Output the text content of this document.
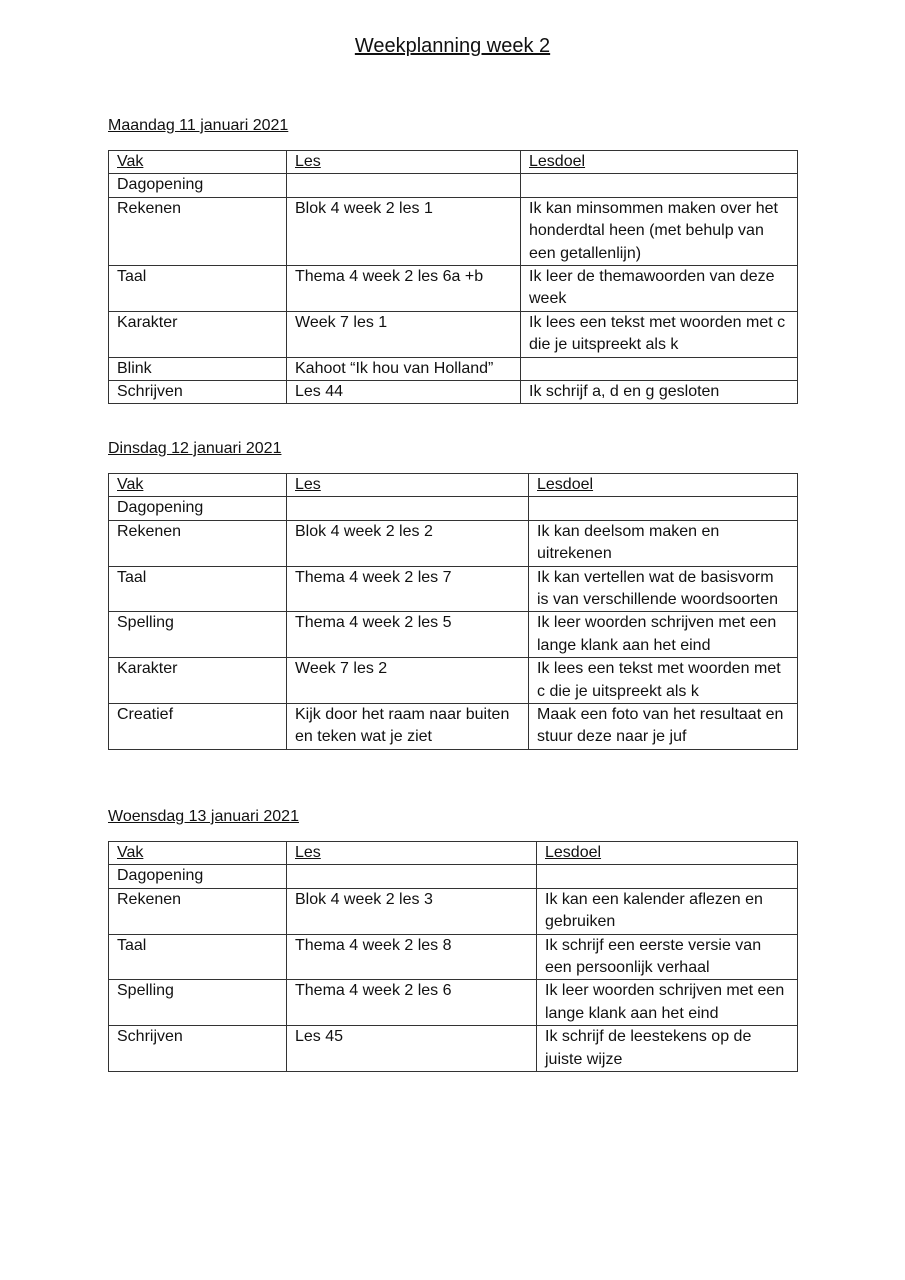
Weekplanning week 2
Maandag 11 januari 2021
Vak	Les	Lesdoel
Dagopening		
Rekenen	Blok 4 week 2 les 1	Ik kan minsommen maken over het honderdtal heen (met behulp van een getallenlijn)
Taal	Thema 4 week 2 les 6a +b	Ik leer de themawoorden van deze week
Karakter	Week 7 les 1	Ik lees een tekst met woorden met c die je uitspreekt als k
Blink	Kahoot “Ik hou van Holland”	
Schrijven	Les 44	Ik schrijf a, d en g gesloten
Dinsdag 12 januari 2021
Vak	Les	Lesdoel
Dagopening		
Rekenen	Blok 4 week 2 les 2	Ik kan deelsom maken en uitrekenen
Taal	Thema 4 week 2 les 7	Ik kan vertellen wat de basisvorm is van verschillende woordsoorten
Spelling	Thema 4 week 2 les 5	Ik leer woorden schrijven met een lange klank aan het eind
Karakter	Week 7 les 2	Ik lees een tekst met woorden met c die je uitspreekt als k
Creatief	Kijk door het raam naar buiten en teken wat je ziet	Maak een foto van het resultaat en stuur deze naar je juf
Woensdag 13 januari 2021
Vak	Les	Lesdoel
Dagopening		
Rekenen	Blok 4 week 2 les 3	Ik kan een kalender aflezen en gebruiken
Taal	Thema 4 week 2 les 8	Ik schrijf een eerste versie van een persoonlijk verhaal
Spelling	Thema 4 week 2 les 6	Ik leer woorden schrijven met een lange klank aan het eind
Schrijven	Les 45	Ik schrijf de leestekens op de juiste wijze
